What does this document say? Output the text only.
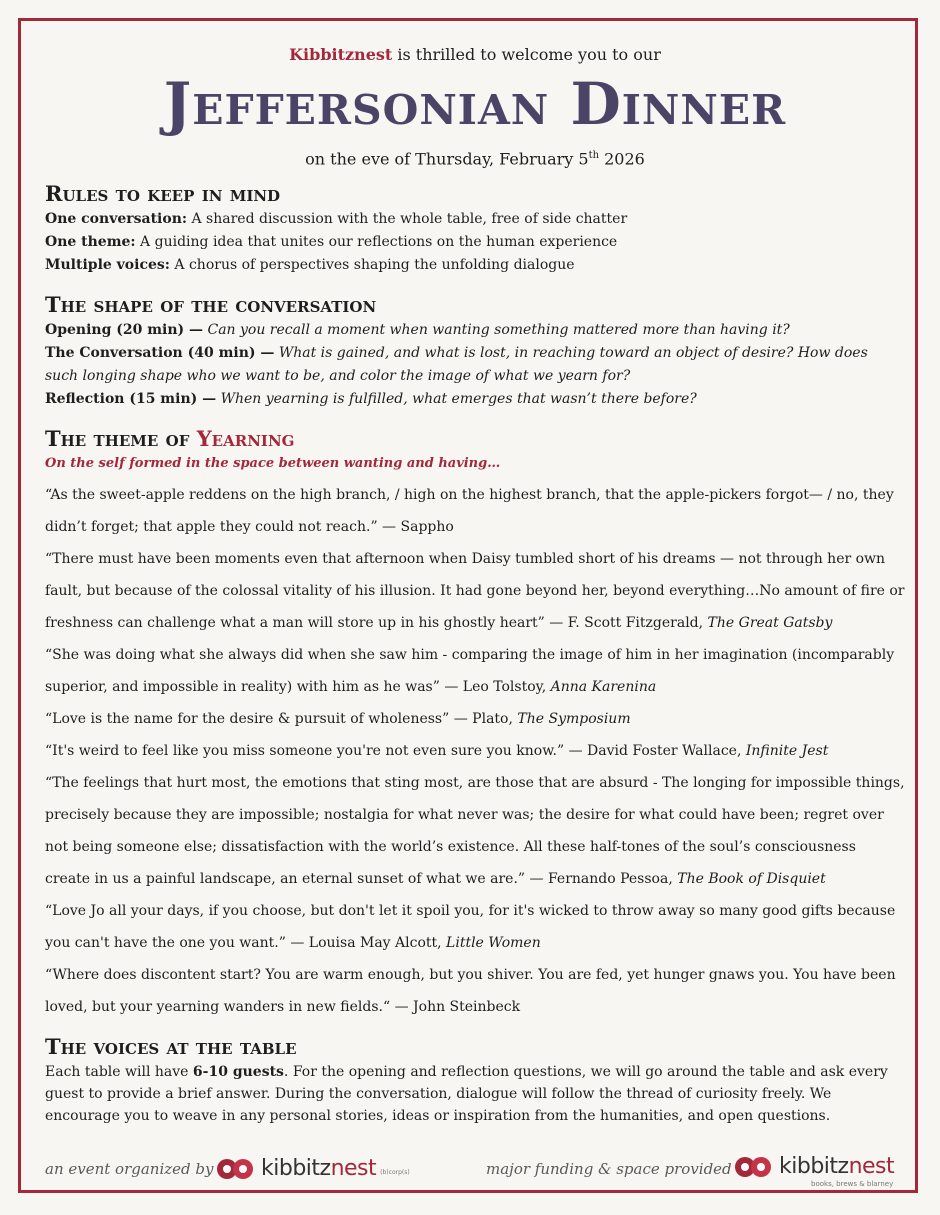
Kibbitznest is thrilled to welcome you to our

Jeffersonian Dinner

on the eve of Thursday, February 5th 2026

Rules to keep in mind

One conversation: A shared discussion with the whole table, free of side chatter

One theme: A guiding idea that unites our reflections on the human experience

Multiple voices: A chorus of perspectives shaping the unfolding dialogue

The shape of the conversation

Opening (20 min) — Can you recall a moment when wanting something mattered more than having it?

The Conversation (40 min) — What is gained, and what is lost, in reaching toward an object of desire? How does such longing shape who we want to be, and color the image of what we yearn for?

Reflection (15 min) — When yearning is fulfilled, what emerges that wasn’t there before?

The theme of Yearning

On the self formed in the space between wanting and having…

“As the sweet-apple reddens on the high branch, / high on the highest branch, that the apple-pickers forgot— / no, they didn’t forget; that apple they could not reach.” — Sappho

“There must have been moments even that afternoon when Daisy tumbled short of his dreams — not through her own fault, but because of the colossal vitality of his illusion. It had gone beyond her, beyond everything…No amount of fire or freshness can challenge what a man will store up in his ghostly heart” — F. Scott Fitzgerald, The Great Gatsby

“She was doing what she always did when she saw him - comparing the image of him in her imagination (incomparably superior, and impossible in reality) with him as he was” — Leo Tolstoy, Anna Karenina

“Love is the name for the desire & pursuit of wholeness” — Plato, The Symposium

“It's weird to feel like you miss someone you're not even sure you know.” — David Foster Wallace, Infinite Jest

“The feelings that hurt most, the emotions that sting most, are those that are absurd - The longing for impossible things, precisely because they are impossible; nostalgia for what never was; the desire for what could have been; regret over not being someone else; dissatisfaction with the world’s existence. All these half-tones of the soul’s consciousness create in us a painful landscape, an eternal sunset of what we are.” — Fernando Pessoa, The Book of Disquiet

“Love Jo all your days, if you choose, but don't let it spoil you, for it's wicked to throw away so many good gifts because you can't have the one you want.” — Louisa May Alcott, Little Women

“Where does discontent start? You are warm enough, but you shiver. You are fed, yet hunger gnaws you. You have been loved, but your yearning wanders in new fields.“ — John Steinbeck

The voices at the table

Each table will have 6-10 guests. For the opening and reflection questions, we will go around the table and ask every guest to provide a brief answer. During the conversation, dialogue will follow the thread of curiosity freely. We encourage you to weave in any personal stories, ideas or inspiration from the humanities, and open questions.

an event organized by kibbitznest (b)corp(s)	major funding & space provided kibbitznest
books, brews & blarney
